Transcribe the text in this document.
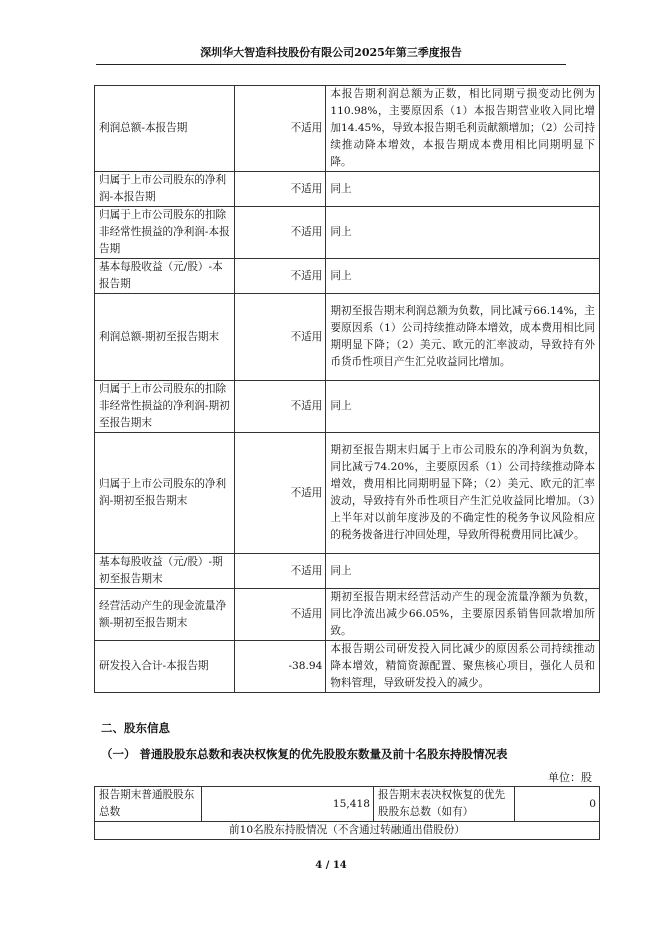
深圳华大智造科技股份有限公司2025年第三季度报告
利润总额-本报告期	不适用	本报告期利润总额为正数，相比同期亏损变动比例为110.98%，主要原因系（1）本报告期营业收入同比增加14.45%，导致本报告期毛利贡献额增加；（2）公司持续推动降本增效，本报告期成本费用相比同期明显下降。
归属于上市公司股东的净利润-本报告期	不适用	同上
归属于上市公司股东的扣除非经常性损益的净利润-本报告期	不适用	同上
基本每股收益（元/股）-本报告期	不适用	同上
利润总额-期初至报告期末	不适用	期初至报告期末利润总额为负数，同比减亏66.14%，主要原因系（1）公司持续推动降本增效，成本费用相比同期明显下降；（2）美元、欧元的汇率波动，导致持有外币货币性项目产生汇兑收益同比增加。
归属于上市公司股东的扣除非经常性损益的净利润-期初至报告期末	不适用	同上
归属于上市公司股东的净利润-期初至报告期末	不适用	期初至报告期末归属于上市公司股东的净利润为负数，同比减亏74.20%，主要原因系（1）公司持续推动降本增效，费用相比同期明显下降；（2）美元、欧元的汇率波动，导致持有外币性项目产生汇兑收益同比增加。（3）上半年对以前年度涉及的不确定性的税务争议风险相应的税务拨备进行冲回处理，导致所得税费用同比减少。
基本每股收益（元/股）-期初至报告期末	不适用	同上
经营活动产生的现金流量净额-期初至报告期末	不适用	期初至报告期末经营活动产生的现金流量净额为负数，同比净流出减少66.05%，主要原因系销售回款增加所致。
研发投入合计-本报告期	-38.94	本报告期公司研发投入同比减少的原因系公司持续推动降本增效，精简资源配置、聚焦核心项目，强化人员和物料管理，导致研发投入的减少。
二、股东信息
（一） 普通股股东总数和表决权恢复的优先股股东数量及前十名股东持股情况表
单位：股
报告期末普通股股东总数	15,418	报告期末表决权恢复的优先股股东总数（如有）	0
前10名股东持股情况（不含通过转融通出借股份）
4 / 14
